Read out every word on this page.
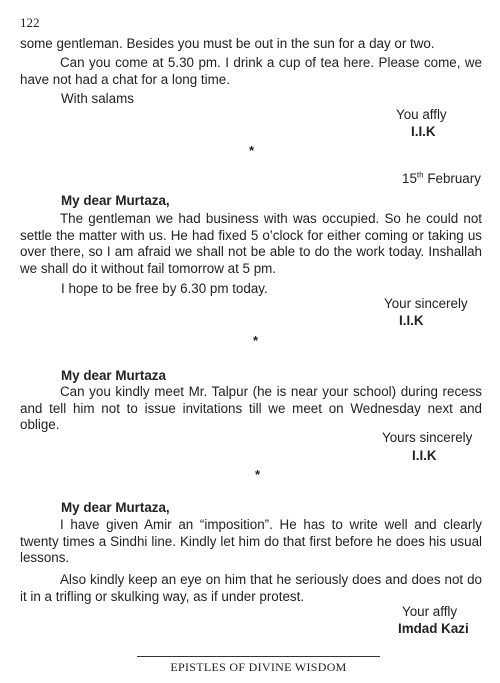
122

some gentleman. Besides you must be out in the sun for a day or two.

Can you come at 5.30 pm. I drink a cup of tea here. Please come, we have not had a chat for a long time.

With salams

You affly

I.I.K

*

15th February

My dear Murtaza,

The gentleman we had business with was occupied. So he could not settle the matter with us. He had fixed 5 o’clock for either coming or taking us over there, so I am afraid we shall not be able to do the work today. Inshallah we shall do it without fail tomorrow at 5 pm.

I hope to be free by 6.30 pm today.

Your sincerely

I.I.K

*

My dear Murtaza

Can you kindly meet Mr. Talpur (he is near your school) during recess and tell him not to issue invitations till we meet on Wednesday next and oblige.

Yours sincerely

I.I.K

*

My dear Murtaza,

I have given Amir an “imposition”. He has to write well and clearly twenty times a Sindhi line. Kindly let him do that first before he does his usual lessons.

Also kindly keep an eye on him that he seriously does and does not do it in a trifling or skulking way, as if under protest.

Your affly

Imdad Kazi

EPISTLES OF DIVINE WISDOM
